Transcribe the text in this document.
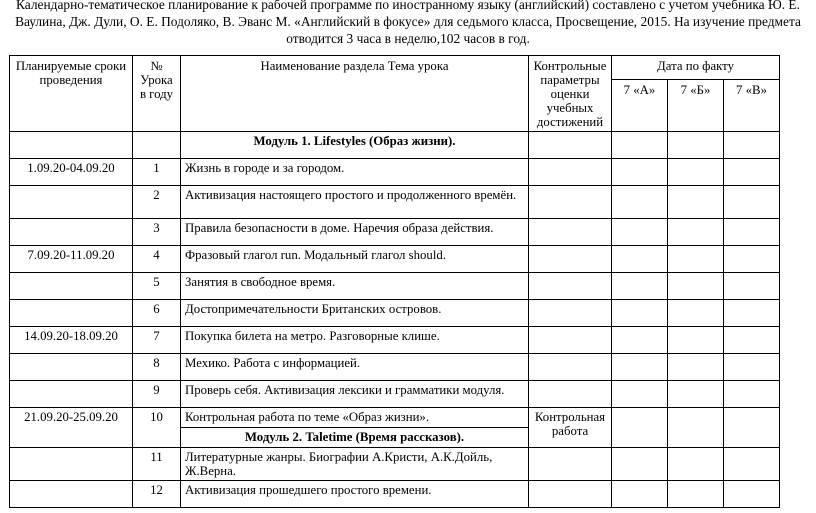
Календарно-тематическое планирование к рабочей программе по иностранному языку (английский) составлено с учетом учебника Ю. Е.
Ваулина, Дж. Дули, О. Е. Подоляко, В. Эванс М. «Английский в фокусе» для седьмого класса, Просвещение, 2015. На изучение предмета
отводится 3 часа в неделю,102 часов в год.
Планируемые сроки проведения	№ Урока в году	Наименование раздела Тема урока	Контрольные параметры оценки учебных достижений	Дата по факту		
				7 «А»	7 «Б»	7 «В»
		Модуль 1. Lifestyles (Образ жизни).				
1.09.20-04.09.20	1	Жизнь в городе и за городом.				
	2	Активизация настоящего простого и продолженного времён.				
	3	Правила безопасности в доме. Наречия образа действия.				
7.09.20-11.09.20	4	Фразовый глагол run. Модальный глагол should.				
	5	Занятия в свободное время.				
	6	Достопримечательности Британских островов.				
14.09.20-18.09.20	7	Покупка билета на метро. Разговорные клише.				
	8	Мехико. Работа с информацией.				
	9	Проверь себя. Активизация лексики и грамматики модуля.				
21.09.20-25.09.20	10	Контрольная работа по теме «Образ жизни».	Контрольная работа			
		Модуль 2. Taletime (Время рассказов).				
	11	Литературные жанры. Биографии А.Кристи, А.К.Дойль, Ж.Верна.				
	12	Активизация прошедшего простого времени.				
